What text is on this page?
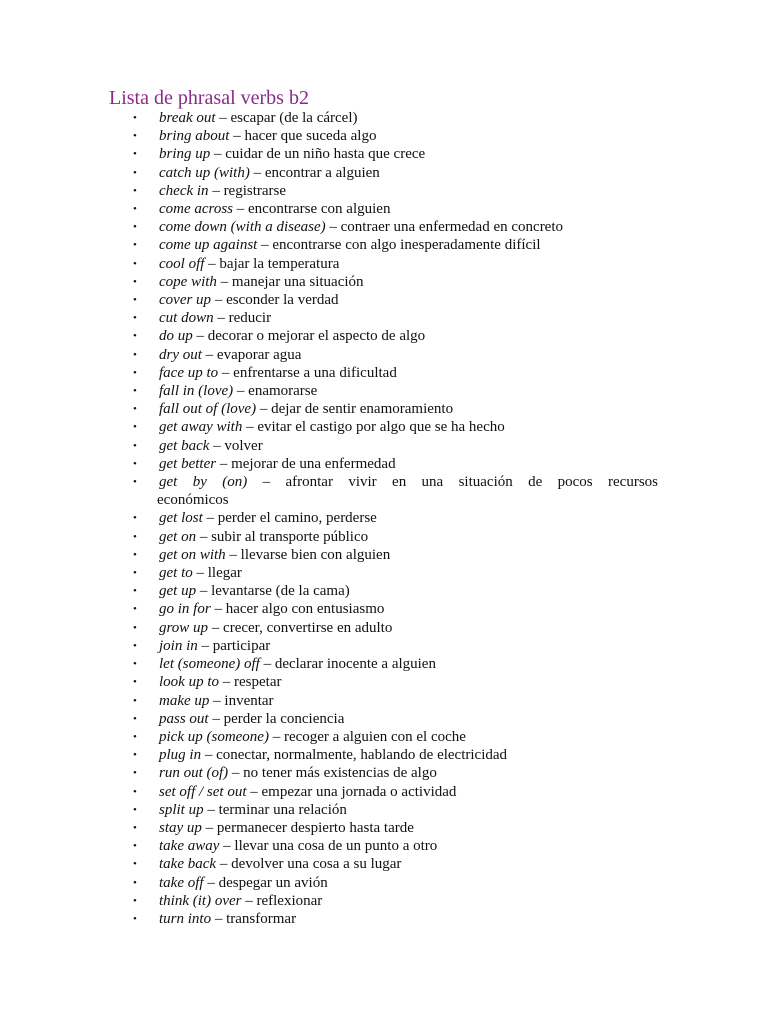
Lista de phrasal verbs b2
• break out – escapar (de la cárcel)
• bring about – hacer que suceda algo
• bring up – cuidar de un niño hasta que crece
• catch up (with) – encontrar a alguien
• check in – registrarse
• come across – encontrarse con alguien
• come down (with a disease) – contraer una enfermedad en concreto
• come up against – encontrarse con algo inesperadamente difícil
• cool off – bajar la temperatura
• cope with – manejar una situación
• cover up – esconder la verdad
• cut down – reducir
• do up – decorar o mejorar el aspecto de algo
• dry out – evaporar agua
• face up to – enfrentarse a una dificultad
• fall in (love) – enamorarse
• fall out of (love) – dejar de sentir enamoramiento
• get away with – evitar el castigo por algo que se ha hecho
• get back – volver
• get better – mejorar de una enfermedad
• get by (on) – afrontar vivir en una situación de pocos recursos
económicos
• get lost – perder el camino, perderse
• get on – subir al transporte público
• get on with – llevarse bien con alguien
• get to – llegar
• get up – levantarse (de la cama)
• go in for – hacer algo con entusiasmo
• grow up – crecer, convertirse en adulto
• join in – participar
• let (someone) off – declarar inocente a alguien
• look up to – respetar
• make up – inventar
• pass out – perder la conciencia
• pick up (someone) – recoger a alguien con el coche
• plug in – conectar, normalmente, hablando de electricidad
• run out (of) – no tener más existencias de algo
• set off / set out – empezar una jornada o actividad
• split up – terminar una relación
• stay up – permanecer despierto hasta tarde
• take away – llevar una cosa de un punto a otro
• take back – devolver una cosa a su lugar
• take off – despegar un avión
• think (it) over – reflexionar
• turn into – transformar
